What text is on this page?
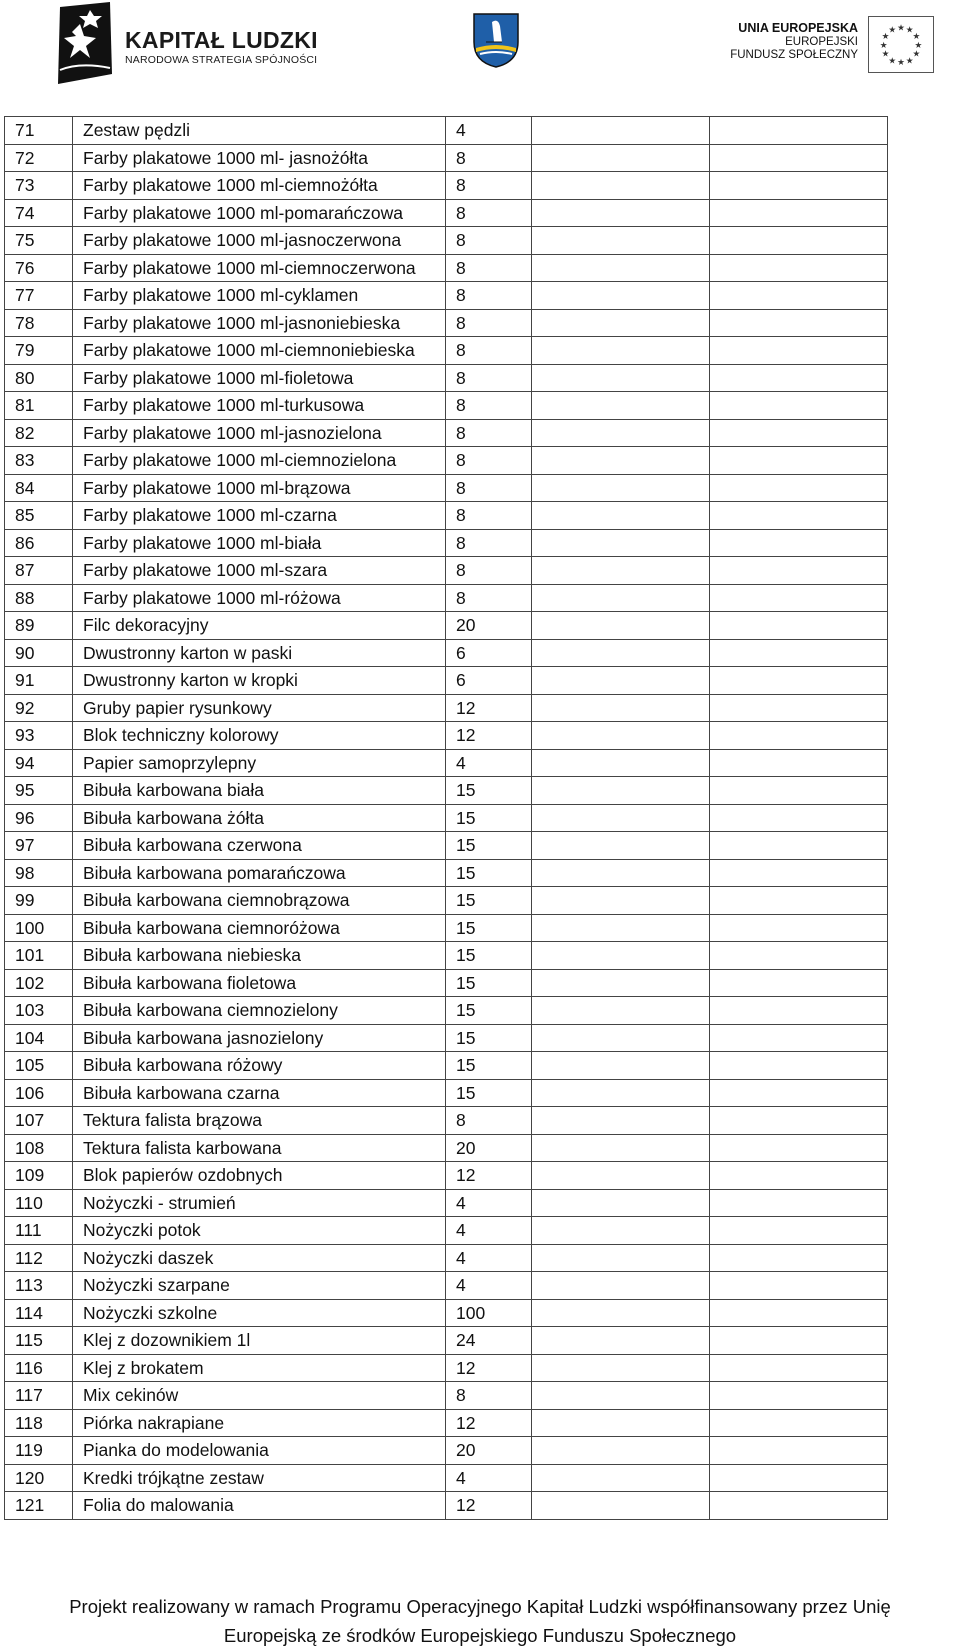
KAPITAŁ LUDZKI
NARODOWA STRATEGIA SPÓJNOŚCI
UNIA EUROPEJSKA
EUROPEJSKI
FUNDUSZ SPOŁECZNY
★ ★
★
★
★
★
★
★
★
★
★
★
71	Zestaw pędzli	4		
72	Farby plakatowe 1000 ml- jasnożółta	8		
73	Farby plakatowe 1000 ml-ciemnożółta	8		
74	Farby plakatowe 1000 ml-pomarańczowa	8		
75	Farby plakatowe 1000 ml-jasnoczerwona	8		
76	Farby plakatowe 1000 ml-ciemnoczerwona	8		
77	Farby plakatowe 1000 ml-cyklamen	8		
78	Farby plakatowe 1000 ml-jasnoniebieska	8		
79	Farby plakatowe 1000 ml-ciemnoniebieska	8		
80	Farby plakatowe 1000 ml-fioletowa	8		
81	Farby plakatowe 1000 ml-turkusowa	8		
82	Farby plakatowe 1000 ml-jasnozielona	8		
83	Farby plakatowe 1000 ml-ciemnozielona	8		
84	Farby plakatowe 1000 ml-brązowa	8		
85	Farby plakatowe 1000 ml-czarna	8		
86	Farby plakatowe 1000 ml-biała	8		
87	Farby plakatowe 1000 ml-szara	8		
88	Farby plakatowe 1000 ml-różowa	8		
89	Filc dekoracyjny	20		
90	Dwustronny karton w paski	6		
91	Dwustronny karton w kropki	6		
92	Gruby papier rysunkowy	12		
93	Blok techniczny kolorowy	12		
94	Papier samoprzylepny	4		
95	Bibuła karbowana biała	15		
96	Bibuła karbowana żółta	15		
97	Bibuła karbowana czerwona	15		
98	Bibuła karbowana pomarańczowa	15		
99	Bibuła karbowana ciemnobrązowa	15		
100	Bibuła karbowana ciemnoróżowa	15		
101	Bibuła karbowana niebieska	15		
102	Bibuła karbowana fioletowa	15		
103	Bibuła karbowana ciemnozielony	15		
104	Bibuła karbowana jasnozielony	15		
105	Bibuła karbowana różowy	15		
106	Bibuła karbowana czarna	15		
107	Tektura falista brązowa	8		
108	Tektura falista karbowana	20		
109	Blok papierów ozdobnych	12		
110	Nożyczki - strumień	4		
111	Nożyczki potok	4		
112	Nożyczki daszek	4		
113	Nożyczki szarpane	4		
114	Nożyczki szkolne	100		
115	Klej z dozownikiem 1l	24		
116	Klej z brokatem	12		
117	Mix cekinów	8		
118	Piórka nakrapiane	12		
119	Pianka do modelowania	20		
120	Kredki trójkątne zestaw	4		
121	Folia do malowania	12		
Projekt realizowany w ramach Programu Operacyjnego Kapitał Ludzki współfinansowany przez Unię
Europejską ze środków Europejskiego Funduszu Społecznego
